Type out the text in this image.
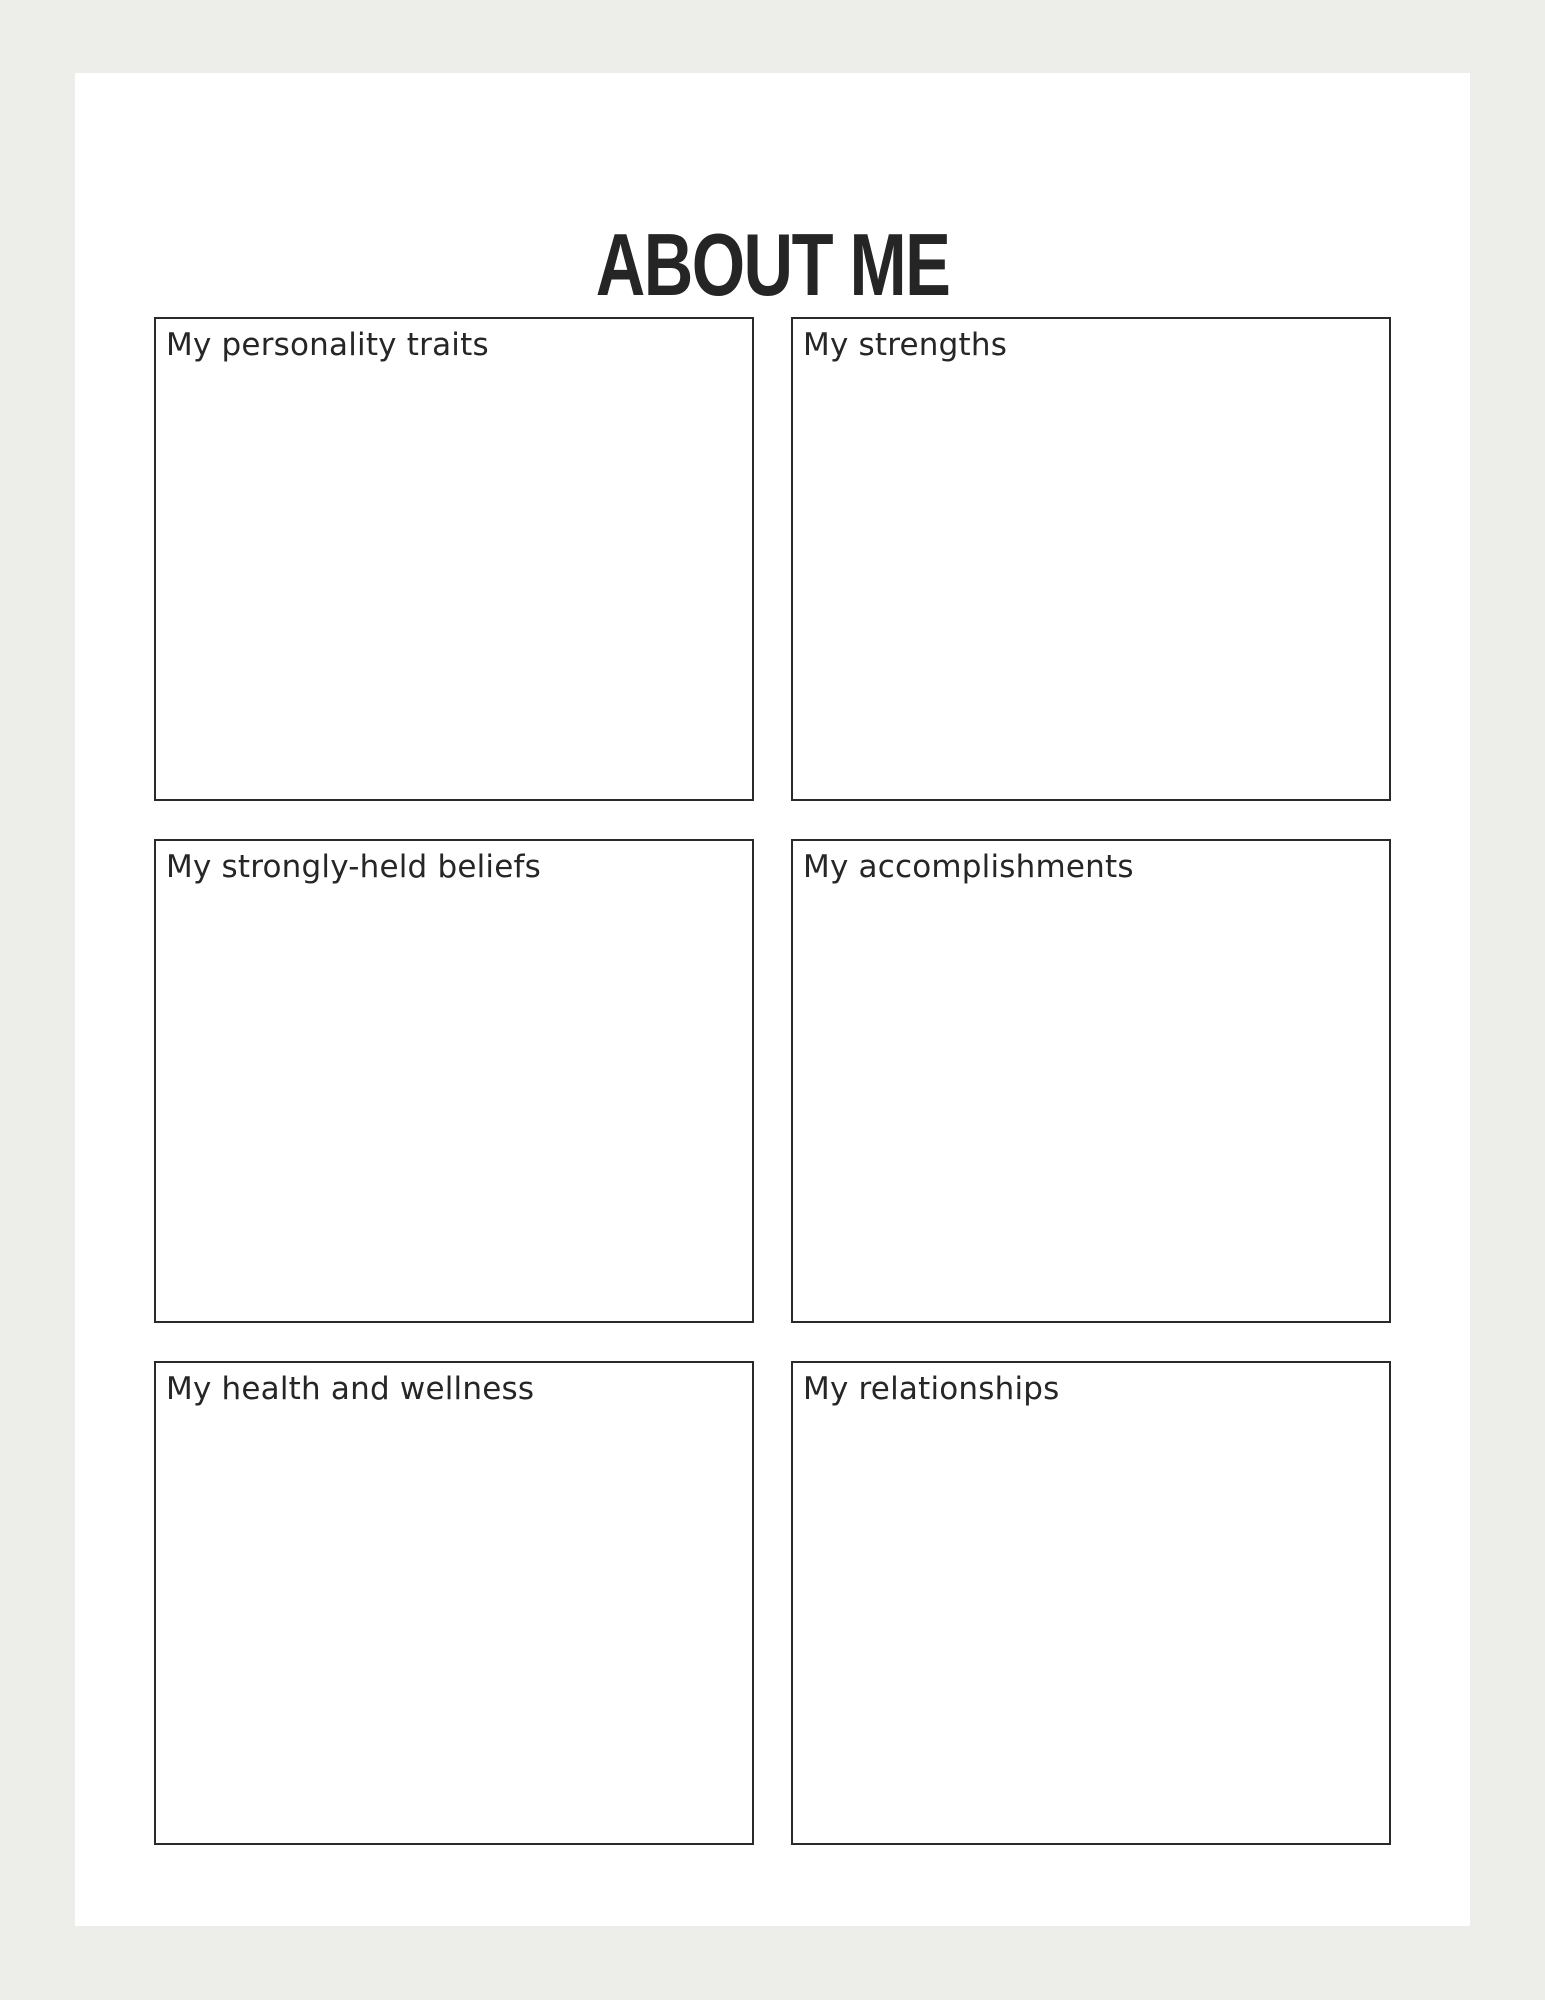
ABOUT ME
My personality traits	My strengths
My strongly-held beliefs	My accomplishments
My health and wellness	My relationships
